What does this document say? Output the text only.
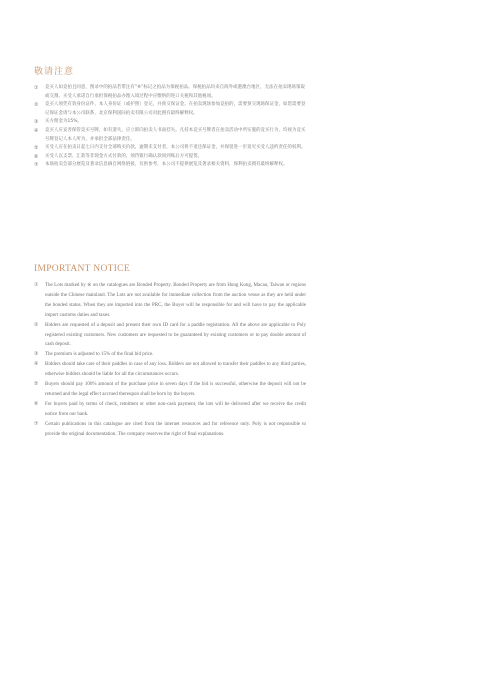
敬请注意
①	竞买人如竞拍且同意，图录中的拍品若带注有“※”标记之拍品为保税拍品。保税拍品均来自海外或港澳台地区，无法在拍卖现场领取或交割。买受人承诺自行承担保税拍品办理入境过程中应缴纳的进口关税和其他税项。
②	竞买人须凭有效身份证件、本人身份证（或护照）登记，并预交保证金。在拍卖现场参加竞拍的，需要预交现场保证金，如您需要登记保证金请与本公司联系，北京保利国际拍卖有限公司对此拥有最终解释权。
③	买方佣金为15%。
④	竞买人应妥善保管竞买号牌，如有遗失，应立即向拍卖人书面挂失。凡持本竞买号牌者在拍卖活动中所实施的竞买行为，均视为竞买号牌登记人本人所为，并承担全部法律责任。
⑤	买受人应在拍卖日起七日内支付全部购买价款，逾期未支付者，本公司将不退还保证金，并保留进一步追究买受人违约责任的权利。
⑥	买受人以支票、汇款等非现金方式付款的，须待银行确认款项到账后方可提货。
⑦	本场拍卖会部分展览及著录信息摘自网络链接，仅供参考，本公司不提供展览及著录相关资料，保利拍卖拥有最终解释权。
IMPORTANT NOTICE
①	The Lots marked by ※ on the catalogues are Bonded Property. Bonded Property are from Hong Kong, Macau, Taiwan or regions outside the Chinese mainland. The Lots are not available for immediate collection from the auction venue as they are held under the bonded status. When they are imported into the PRC, the Buyer will be responsible for and will have to pay the applicable import customs duties and taxes.
②	Bidders are requested of a deposit and present their own ID card for a paddle registration. All the above are applicable to Poly registered existing customers. New customers are requested to be guaranteed by existing customers or to pay double amount of cash deposit.
③	The premium is adjusted to 15% of the final bid price.
④	Bidders should take care of their paddles in case of any loss. Bidders are not allowed to transfer their paddles to any third parties, otherwise bidders should be liable for all the circumstances occurs.
⑤	Buyers should pay 100% amount of the purchase price in seven days if the bid is successful, otherwise the deposit will not be returned and the legal effect accrued thereupon shall be born by the buyers.
⑥	For buyers paid by terms of check, remittent or other non-cash payment, the lots will be delivered after we receive the credit notice from our bank.
⑦	Certain publications in this catalogue are cited from the internet resources and for reference only. Poly is not responsible to provide the original documentation. The company reserves the right of final explanations.
